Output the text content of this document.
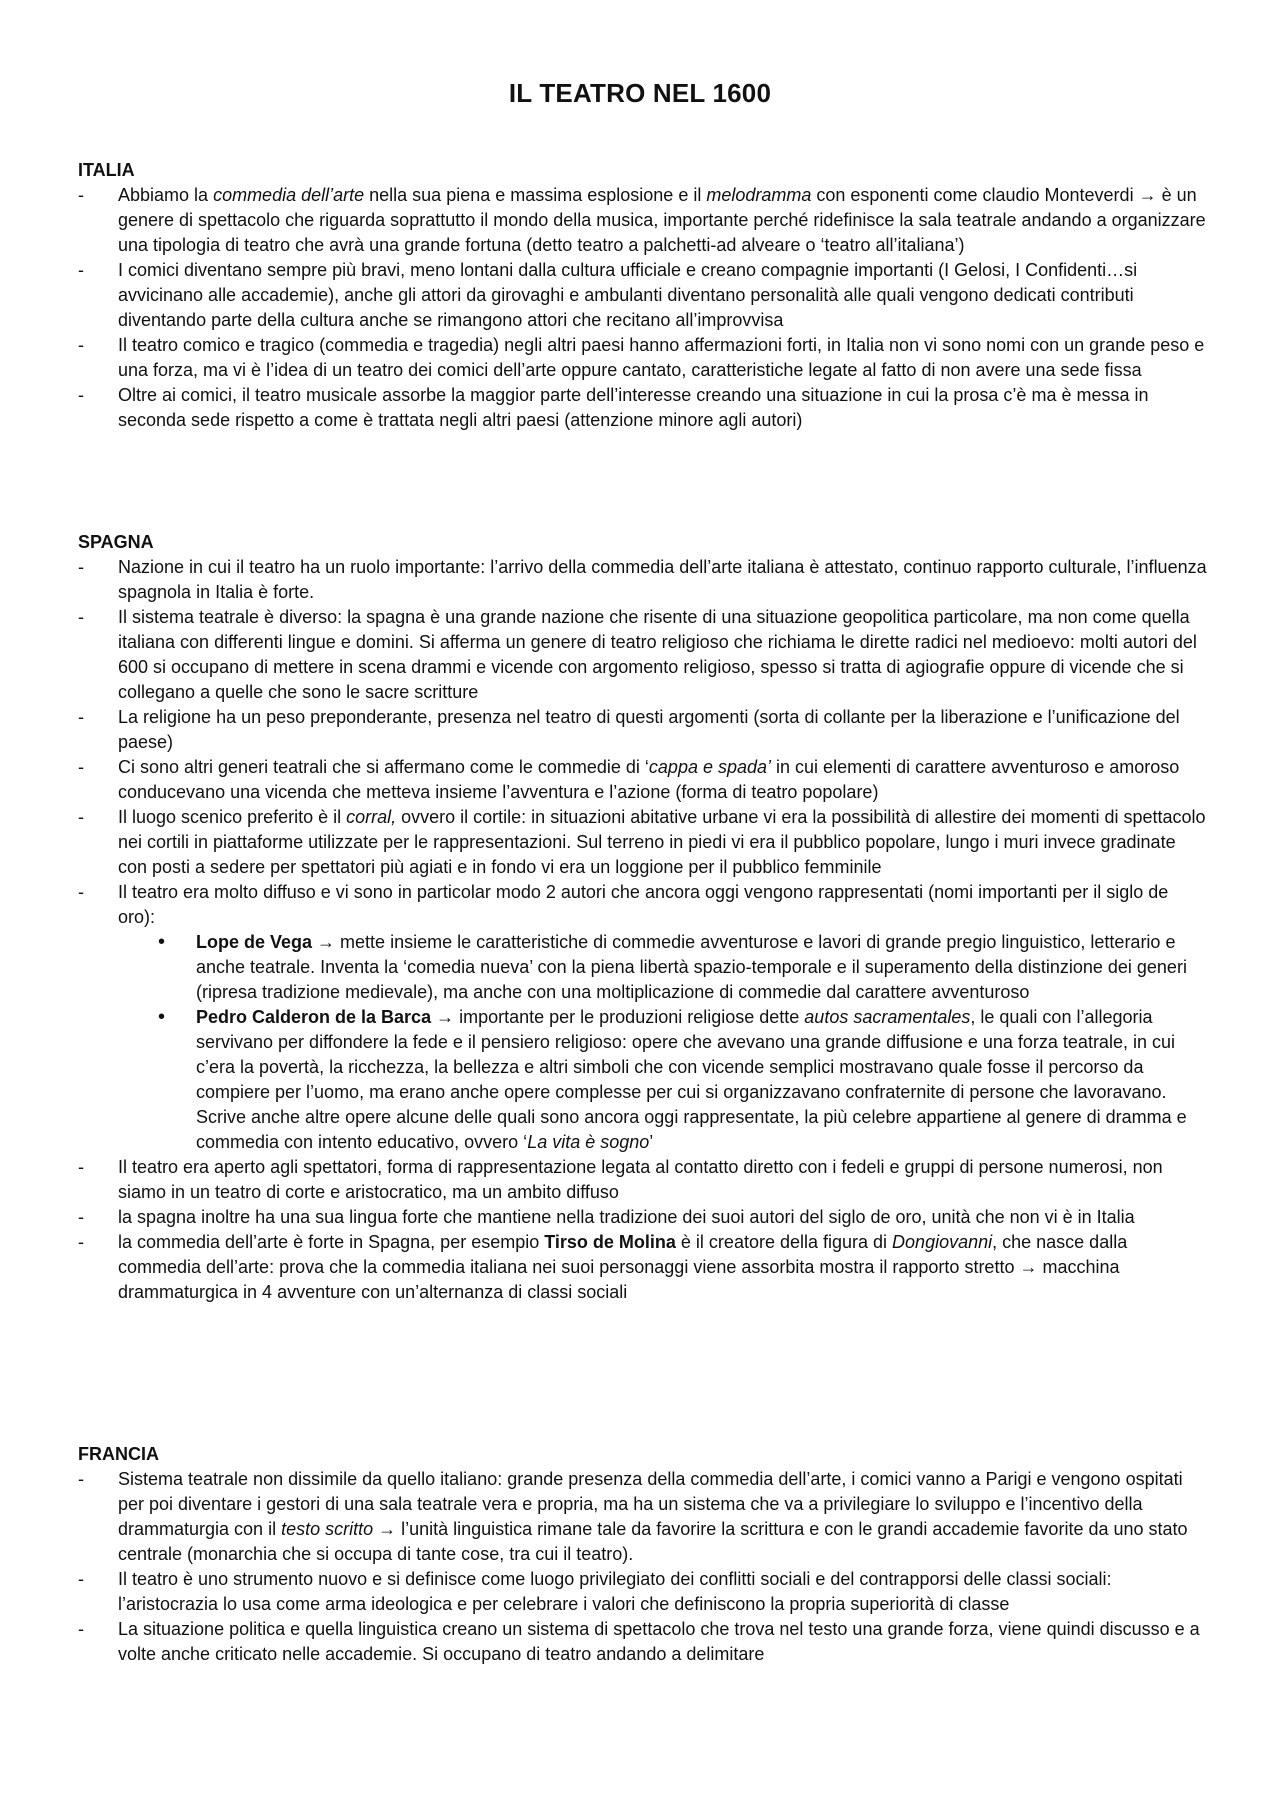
IL TEATRO NEL 1600

ITALIA

- Abbiamo la commedia dell’arte nella sua piena e massima esplosione e il melodramma con esponenti come claudio Monteverdi → è un genere di spettacolo che riguarda soprattutto il mondo della musica, importante perché ridefinisce la sala teatrale andando a organizzare una tipologia di teatro che avrà una grande fortuna (detto teatro a palchetti-ad alveare o ‘teatro all’italiana’)
- I comici diventano sempre più bravi, meno lontani dalla cultura ufficiale e creano compagnie importanti (I Gelosi, I Confidenti…si avvicinano alle accademie), anche gli attori da girovaghi e ambulanti diventano personalità alle quali vengono dedicati contributi diventando parte della cultura anche se rimangono attori che recitano all’improvvisa
- Il teatro comico e tragico (commedia e tragedia) negli altri paesi hanno affermazioni forti, in Italia non vi sono nomi con un grande peso e una forza, ma vi è l’idea di un teatro dei comici dell’arte oppure cantato, caratteristiche legate al fatto di non avere una sede fissa
- Oltre ai comici, il teatro musicale assorbe la maggior parte dell’interesse creando una situazione in cui la prosa c’è ma è messa in seconda sede rispetto a come è trattata negli altri paesi (attenzione minore agli autori)

SPAGNA

- Nazione in cui il teatro ha un ruolo importante: l’arrivo della commedia dell’arte italiana è attestato, continuo rapporto culturale, l’influenza spagnola in Italia è forte.
- Il sistema teatrale è diverso: la spagna è una grande nazione che risente di una situazione geopolitica particolare, ma non come quella italiana con differenti lingue e domini. Si afferma un genere di teatro religioso che richiama le dirette radici nel medioevo: molti autori del 600 si occupano di mettere in scena drammi e vicende con argomento religioso, spesso si tratta di agiografie oppure di vicende che si collegano a quelle che sono le sacre scritture
- La religione ha un peso preponderante, presenza nel teatro di questi argomenti (sorta di collante per la liberazione e l’unificazione del paese)
- Ci sono altri generi teatrali che si affermano come le commedie di ‘cappa e spada’ in cui elementi di carattere avventuroso e amoroso conducevano una vicenda che metteva insieme l’avventura e l’azione (forma di teatro popolare)
- Il luogo scenico preferito è il corral, ovvero il cortile: in situazioni abitative urbane vi era la possibilità di allestire dei momenti di spettacolo nei cortili in piattaforme utilizzate per le rappresentazioni. Sul terreno in piedi vi era il pubblico popolare, lungo i muri invece gradinate con posti a sedere per spettatori più agiati e in fondo vi era un loggione per il pubblico femminile
- Il teatro era molto diffuso e vi sono in particolar modo 2 autori che ancora oggi vengono rappresentati (nomi importanti per il siglo de oro):
• Lope de Vega → mette insieme le caratteristiche di commedie avventurose e lavori di grande pregio linguistico, letterario e anche teatrale. Inventa la ‘comedia nueva’ con la piena libertà spazio-temporale e il superamento della distinzione dei generi (ripresa tradizione medievale), ma anche con una moltiplicazione di commedie dal carattere avventuroso
• Pedro Calderon de la Barca → importante per le produzioni religiose dette autos sacramentales, le quali con l’allegoria servivano per diffondere la fede e il pensiero religioso: opere che avevano una grande diffusione e una forza teatrale, in cui c’era la povertà, la ricchezza, la bellezza e altri simboli che con vicende semplici mostravano quale fosse il percorso da compiere per l’uomo, ma erano anche opere complesse per cui si organizzavano confraternite di persone che lavoravano. Scrive anche altre opere alcune delle quali sono ancora oggi rappresentate, la più celebre appartiene al genere di dramma e commedia con intento educativo, ovvero ‘La vita è sogno’
- Il teatro era aperto agli spettatori, forma di rappresentazione legata al contatto diretto con i fedeli e gruppi di persone numerosi, non siamo in un teatro di corte e aristocratico, ma un ambito diffuso
- la spagna inoltre ha una sua lingua forte che mantiene nella tradizione dei suoi autori del siglo de oro, unità che non vi è in Italia
- la commedia dell’arte è forte in Spagna, per esempio Tirso de Molina è il creatore della figura di Dongiovanni, che nasce dalla commedia dell’arte: prova che la commedia italiana nei suoi personaggi viene assorbita mostra il rapporto stretto → macchina drammaturgica in 4 avventure con un’alternanza di classi sociali

FRANCIA

- Sistema teatrale non dissimile da quello italiano: grande presenza della commedia dell’arte, i comici vanno a Parigi e vengono ospitati per poi diventare i gestori di una sala teatrale vera e propria, ma ha un sistema che va a privilegiare lo sviluppo e l’incentivo della drammaturgia con il testo scritto → l’unità linguistica rimane tale da favorire la scrittura e con le grandi accademie favorite da uno stato centrale (monarchia che si occupa di tante cose, tra cui il teatro).
- Il teatro è uno strumento nuovo e si definisce come luogo privilegiato dei conflitti sociali e del contrapporsi delle classi sociali: l’aristocrazia lo usa come arma ideologica e per celebrare i valori che definiscono la propria superiorità di classe
- La situazione politica e quella linguistica creano un sistema di spettacolo che trova nel testo una grande forza, viene quindi discusso e a volte anche criticato nelle accademie. Si occupano di teatro andando a delimitare
